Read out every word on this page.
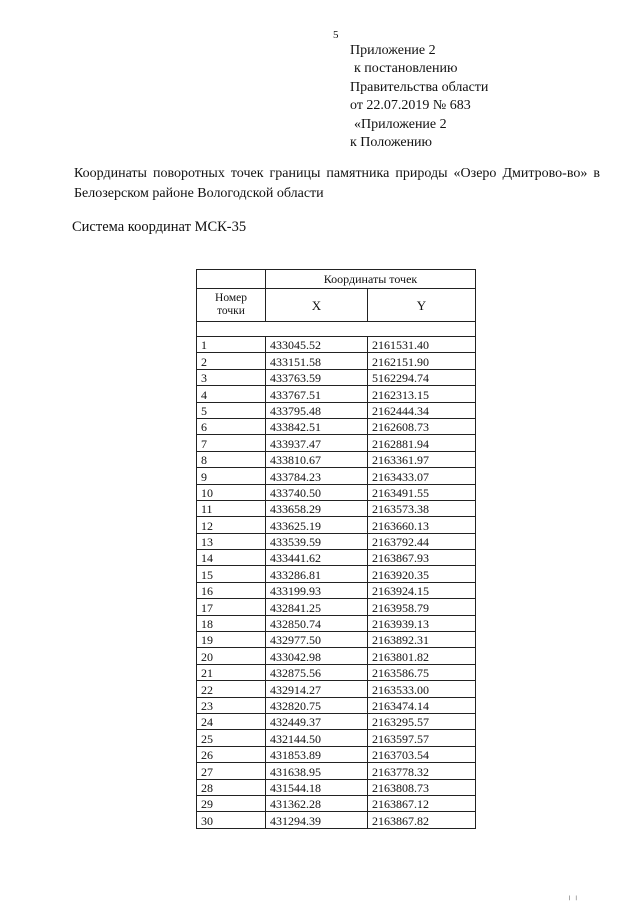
5
Приложение 2
к постановлению
Правительства области
от 22.07.2019 № 683
«Приложение 2
к Положению
Координаты поворотных точек границы памятника природы «Озеро Дмитрово-во» в Белозерском районе Вологодской области
Система координат МСК-35
	Координаты точек	
Номер точки	X	Y

1	433045.52	2161531.40
2	433151.58	2162151.90
3	433763.59	5162294.74
4	433767.51	2162313.15
5	433795.48	2162444.34
6	433842.51	2162608.73
7	433937.47	2162881.94
8	433810.67	2163361.97
9	433784.23	2163433.07
10	433740.50	2163491.55
11	433658.29	2163573.38
12	433625.19	2163660.13
13	433539.59	2163792.44
14	433441.62	2163867.93
15	433286.81	2163920.35
16	433199.93	2163924.15
17	432841.25	2163958.79
18	432850.74	2163939.13
19	432977.50	2163892.31
20	433042.98	2163801.82
21	432875.56	2163586.75
22	432914.27	2163533.00
23	432820.75	2163474.14
24	432449.37	2163295.57
25	432144.50	2163597.57
26	431853.89	2163703.54
27	431638.95	2163778.32
28	431544.18	2163808.73
29	431362.28	2163867.12
30	431294.39	2163867.82
╵ ╵
